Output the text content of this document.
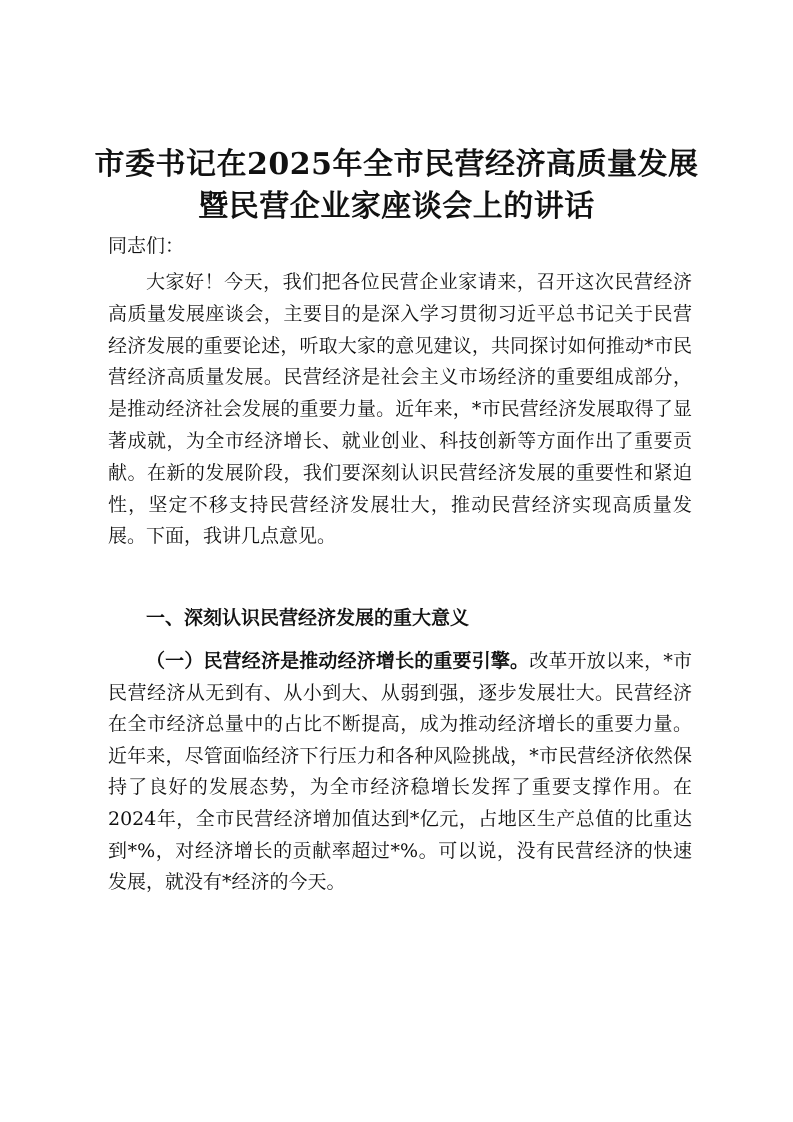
市委书记在2025年全市民营经济高质量发展
暨民营企业家座谈会上的讲话
同志们：

大家好！今天，我们把各位民营企业家请来，召开这次民营经济高质量发展座谈会，主要目的是深入学习贯彻习近平总书记关于民营经济发展的重要论述，听取大家的意见建议，共同探讨如何推动*市民营经济高质量发展。民营经济是社会主义市场经济的重要组成部分，是推动经济社会发展的重要力量。近年来，*市民营经济发展取得了显著成就，为全市经济增长、就业创业、科技创新等方面作出了重要贡献。在新的发展阶段，我们要深刻认识民营经济发展的重要性和紧迫性，坚定不移支持民营经济发展壮大，推动民营经济实现高质量发展。下面，我讲几点意见。

一、深刻认识民营经济发展的重大意义

（一）民营经济是推动经济增长的重要引擎。改革开放以来，*市民营经济从无到有、从小到大、从弱到强，逐步发展壮大。民营经济在全市经济总量中的占比不断提高，成为推动经济增长的重要力量。近年来，尽管面临经济下行压力和各种风险挑战，*市民营经济依然保持了良好的发展态势，为全市经济稳增长发挥了重要支撑作用。在2024年，全市民营经济增加值达到*亿元，占地区生产总值的比重达到*%，对经济增长的贡献率超过*%。可以说，没有民营经济的快速发展，就没有*经济的今天。
